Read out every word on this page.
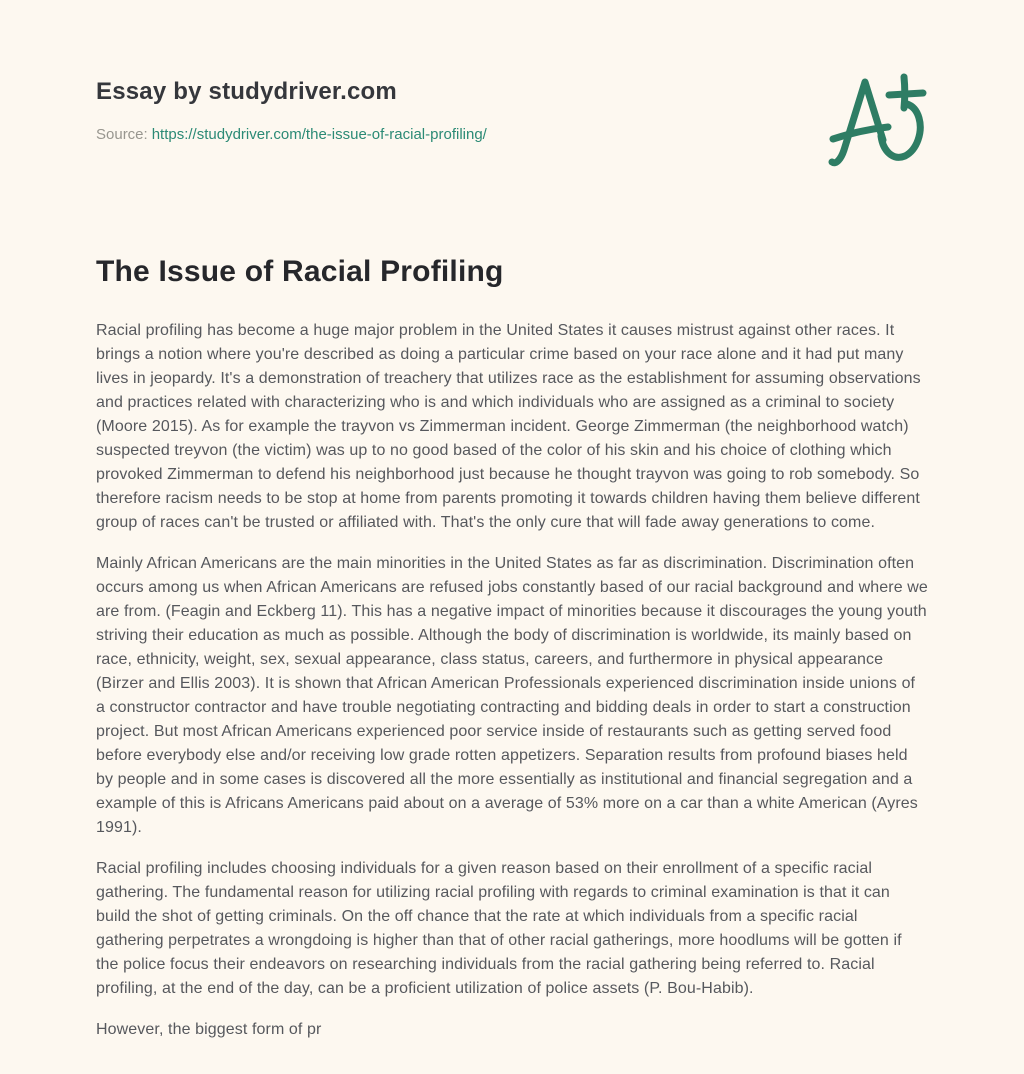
Essay by studydriver.com
Source: https://studydriver.com/the-issue-of-racial-profiling/
The Issue of Racial Profiling

Racial profiling has become a huge major problem in the United States it causes mistrust against other races. It brings a notion where you're described as doing a particular crime based on your race alone and it had put many lives in jeopardy. It's a demonstration of treachery that utilizes race as the establishment for assuming observations and practices related with characterizing who is and which individuals who are assigned as a criminal to society (Moore 2015). As for example the trayvon vs Zimmerman incident. George Zimmerman (the neighborhood watch) suspected treyvon (the victim) was up to no good based of the color of his skin and his choice of clothing which provoked Zimmerman to defend his neighborhood just because he thought trayvon was going to rob somebody. So therefore racism needs to be stop at home from parents promoting it towards children having them believe different group of races can't be trusted or affiliated with. That's the only cure that will fade away generations to come.

Mainly African Americans are the main minorities in the United States as far as discrimination. Discrimination often occurs among us when African Americans are refused jobs constantly based of our racial background and where we are from. (Feagin and Eckberg 11). This has a negative impact of minorities because it discourages the young youth striving their education as much as possible. Although the body of discrimination is worldwide, its mainly based on race, ethnicity, weight, sex, sexual appearance, class status, careers, and furthermore in physical appearance (Birzer and Ellis 2003). It is shown that African American Professionals experienced discrimination inside unions of a constructor contractor and have trouble negotiating contracting and bidding deals in order to start a construction project. But most African Americans experienced poor service inside of restaurants such as getting served food before everybody else and/or receiving low grade rotten appetizers. Separation results from profound biases held by people and in some cases is discovered all the more essentially as institutional and financial segregation and a example of this is Africans Americans paid about on a average of 53% more on a car than a white American (Ayres 1991).

Racial profiling includes choosing individuals for a given reason based on their enrollment of a specific racial gathering. The fundamental reason for utilizing racial profiling with regards to criminal examination is that it can build the shot of getting criminals. On the off chance that the rate at which individuals from a specific racial gathering perpetrates a wrongdoing is higher than that of other racial gatherings, more hoodlums will be gotten if the police focus their endeavors on researching individuals from the racial gathering being referred to. Racial profiling, at the end of the day, can be a proficient utilization of police assets (P. Bou-Habib).

However, the biggest form of pr
